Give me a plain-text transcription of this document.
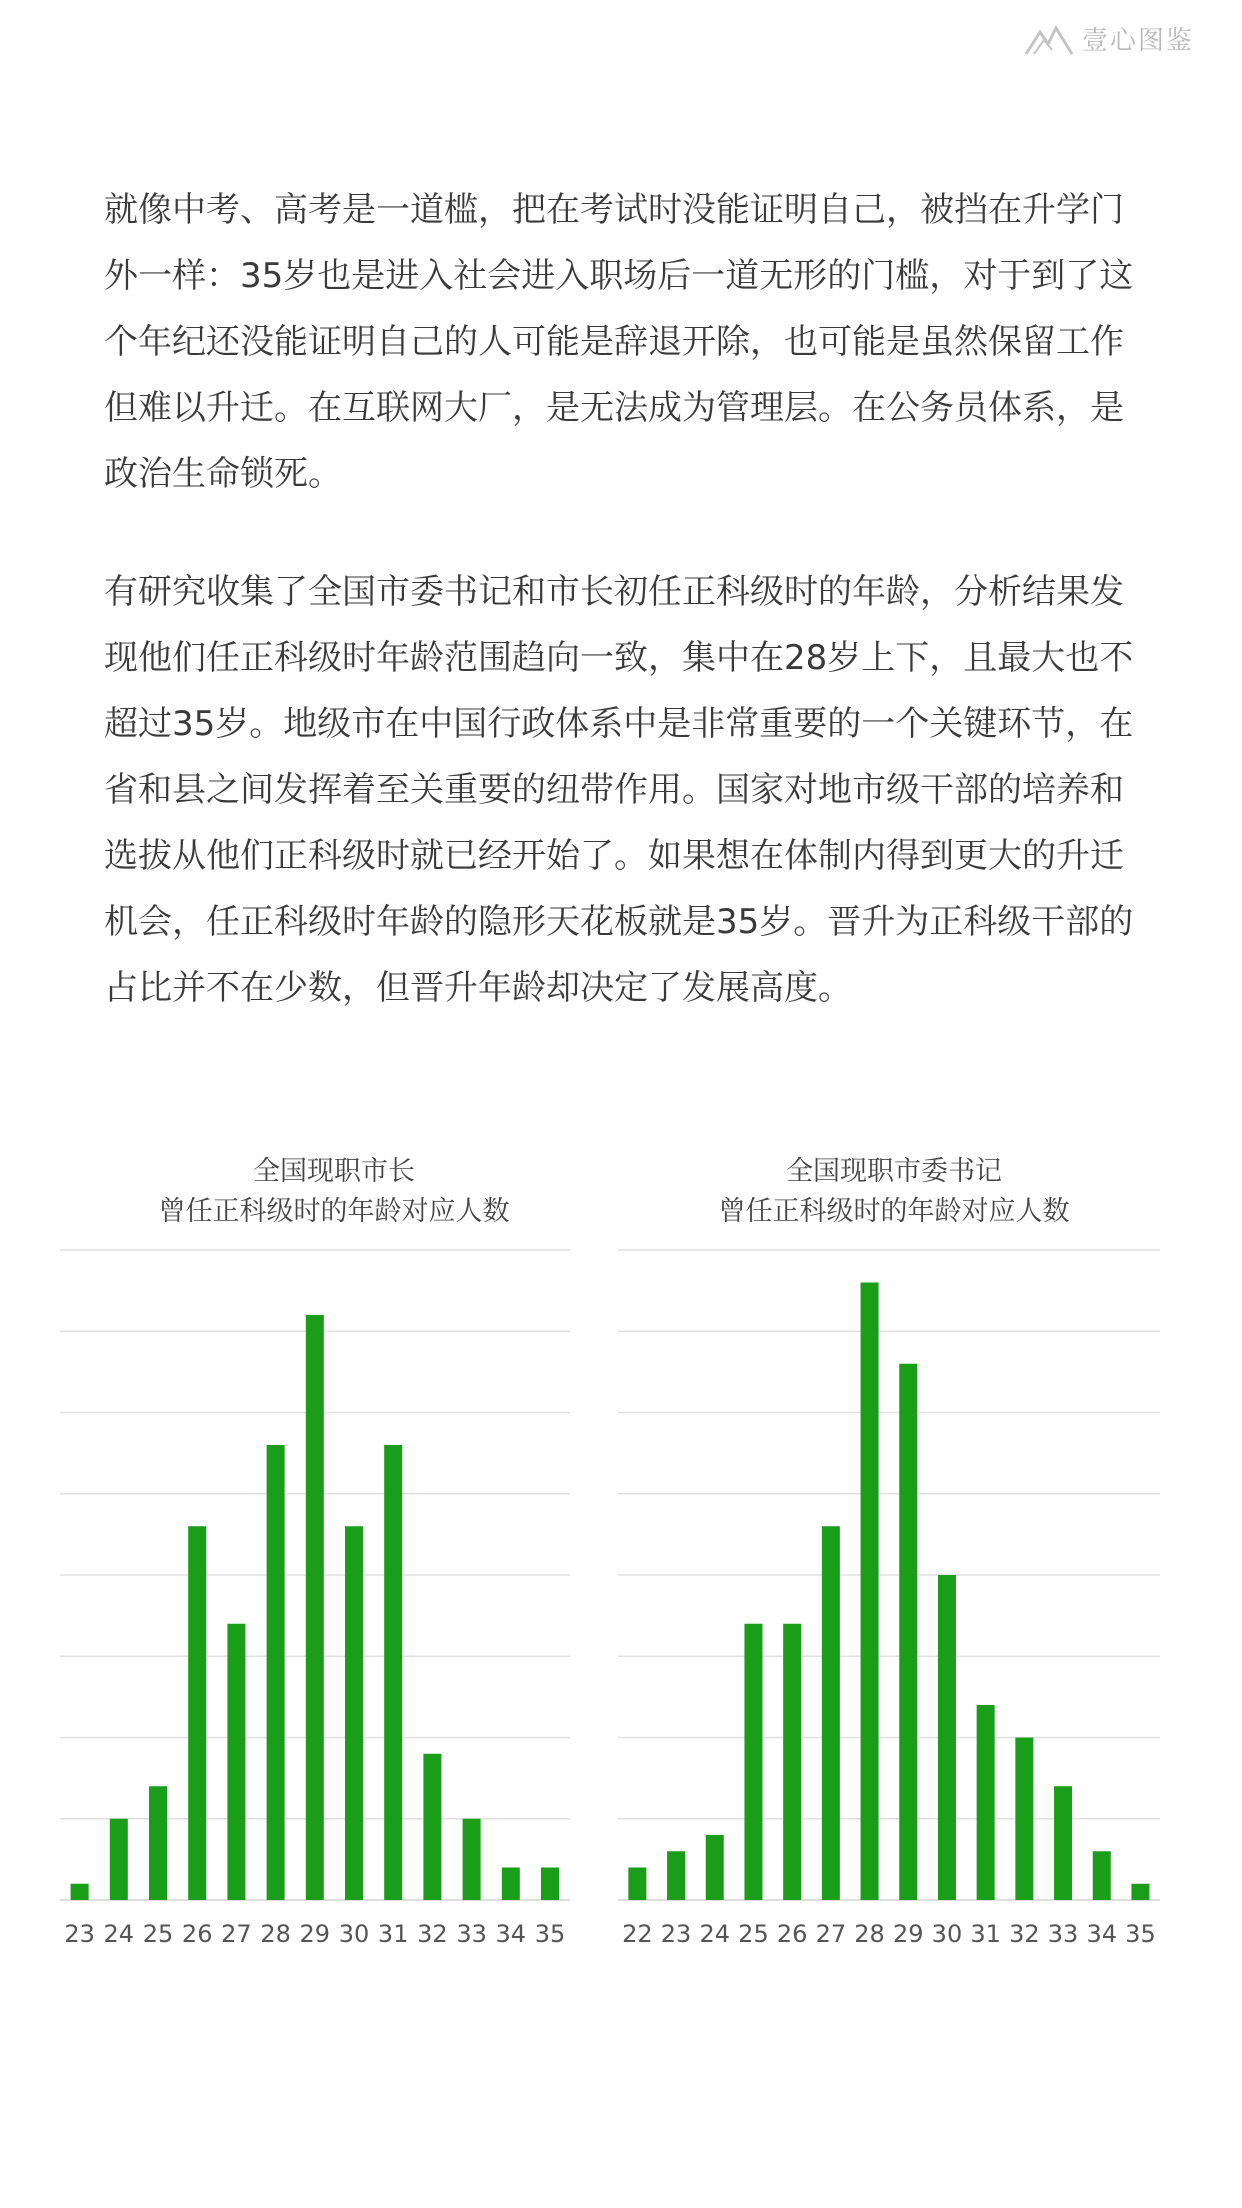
壹心图鉴

就像中考、高考是一道槛，把在考试时没能证明自己，被挡在升学门外一样：35岁也是进入社会进入职场后一道无形的门槛，对于到了这个年纪还没能证明自己的人可能是辞退开除，也可能是虽然保留工作但难以升迁。在互联网大厂，是无法成为管理层。在公务员体系，是政治生命锁死。

有研究收集了全国市委书记和市长初任正科级时的年龄，分析结果发现他们任正科级时年龄范围趋向一致，集中在28岁上下，且最大也不超过35岁。地级市在中国行政体系中是非常重要的一个关键环节，在省和县之间发挥着至关重要的纽带作用。国家对地市级干部的培养和选拔从他们正科级时就已经开始了。如果想在体制内得到更大的升迁机会，任正科级时年龄的隐形天花板就是35岁。晋升为正科级干部的占比并不在少数，但晋升年龄却决定了发展高度。

全国现职市长
曾任正科级时的年龄对应人数
23 24 25 26 27 28 29 30 31 32 33 34 35
全国现职市委书记
曾任正科级时的年龄对应人数
22 23 24 25 26 27 28 29 30 31 32 33 34 35
